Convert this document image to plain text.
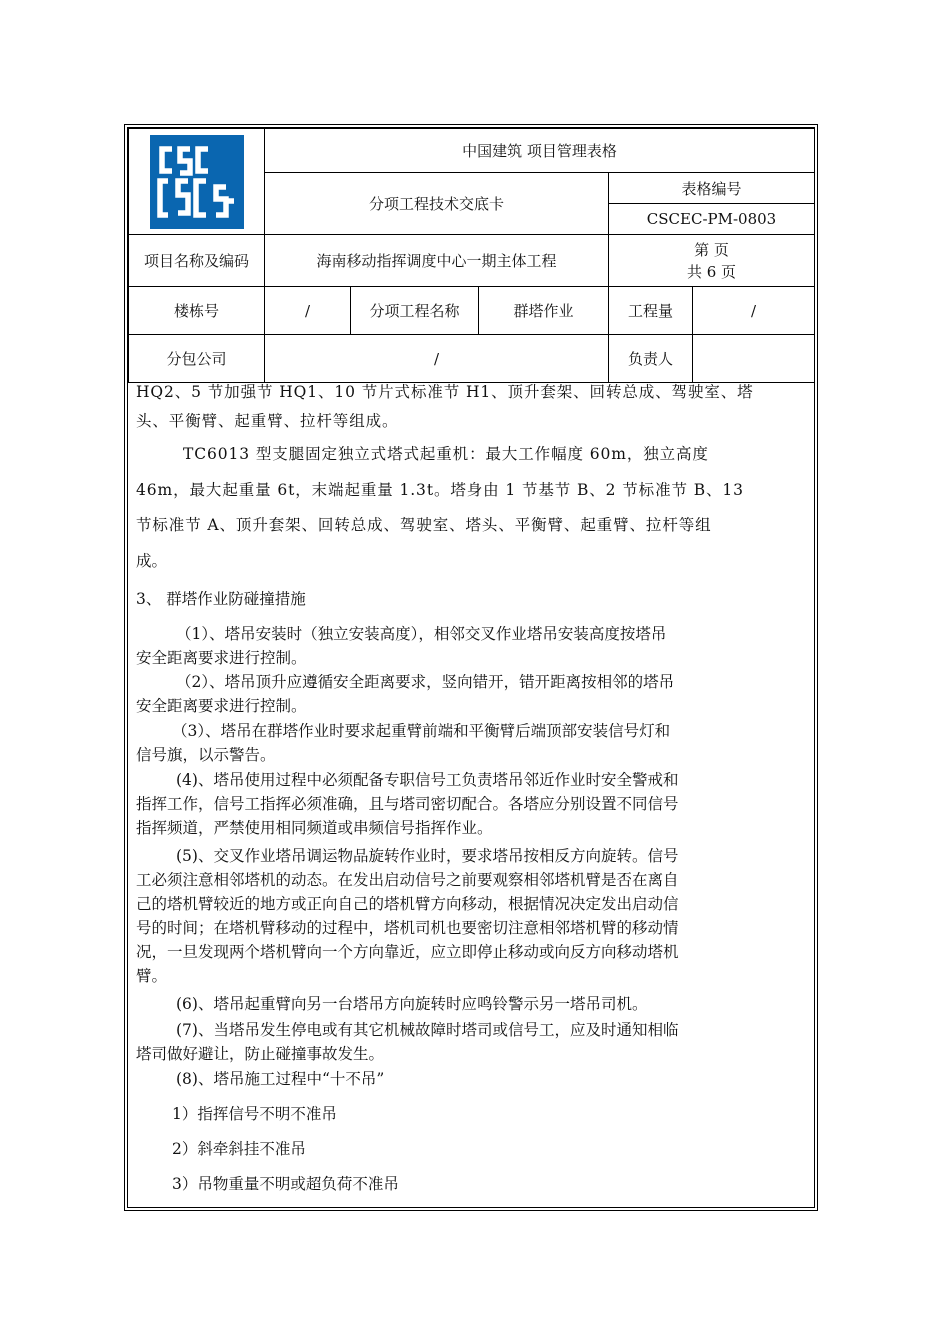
	中国建筑 项目管理表格				
	分项工程技术交底卡			表格编号	
				CSCEC-PM-0803	
项目名称及编码	海南移动指挥调度中心一期主体工程			第 页
共 6 页	

楼栋号	/	分项工程名称	群塔作业	工程量	/
分包公司	/			负责人	
HQ2、5 节加强节 HQ1、10 节片式标准节 H1、顶升套架、回转总成、驾驶室、塔
头、平衡臂、起重臂、拉杆等组成。
TC6013 型支腿固定独立式塔式起重机：最大工作幅度 60m，独立高度
46m，最大起重量 6t，末端起重量 1.3t。塔身由 1 节基节 B、2 节标准节 B、13
节标准节 A、顶升套架、回转总成、驾驶室、塔头、平衡臂、起重臂、拉杆等组
成。
3、 群塔作业防碰撞措施
（1）、塔吊安装时（独立安装高度），相邻交叉作业塔吊安装高度按塔吊
安全距离要求进行控制。
（2）、塔吊顶升应遵循安全距离要求，竖向错开，错开距离按相邻的塔吊
安全距离要求进行控制。
（3）、塔吊在群塔作业时要求起重臂前端和平衡臂后端顶部安装信号灯和
信号旗，以示警告。
(4)、塔吊使用过程中必须配备专职信号工负责塔吊邻近作业时安全警戒和
指挥工作，信号工指挥必须准确，且与塔司密切配合。各塔应分别设置不同信号
指挥频道，严禁使用相同频道或串频信号指挥作业。
(5)、交叉作业塔吊调运物品旋转作业时，要求塔吊按相反方向旋转。信号
工必须注意相邻塔机的动态。在发出启动信号之前要观察相邻塔机臂是否在离自
己的塔机臂较近的地方或正向自己的塔机臂方向移动，根据情况决定发出启动信
号的时间；在塔机臂移动的过程中，塔机司机也要密切注意相邻塔机臂的移动情
况，一旦发现两个塔机臂向一个方向靠近，应立即停止移动或向反方向移动塔机
臂。
(6)、塔吊起重臂向另一台塔吊方向旋转时应鸣铃警示另一塔吊司机。
(7)、当塔吊发生停电或有其它机械故障时塔司或信号工，应及时通知相临
塔司做好避让，防止碰撞事故发生。
(8)、塔吊施工过程中“十不吊”
1）指挥信号不明不准吊
2）斜牵斜挂不准吊
3）吊物重量不明或超负荷不准吊
